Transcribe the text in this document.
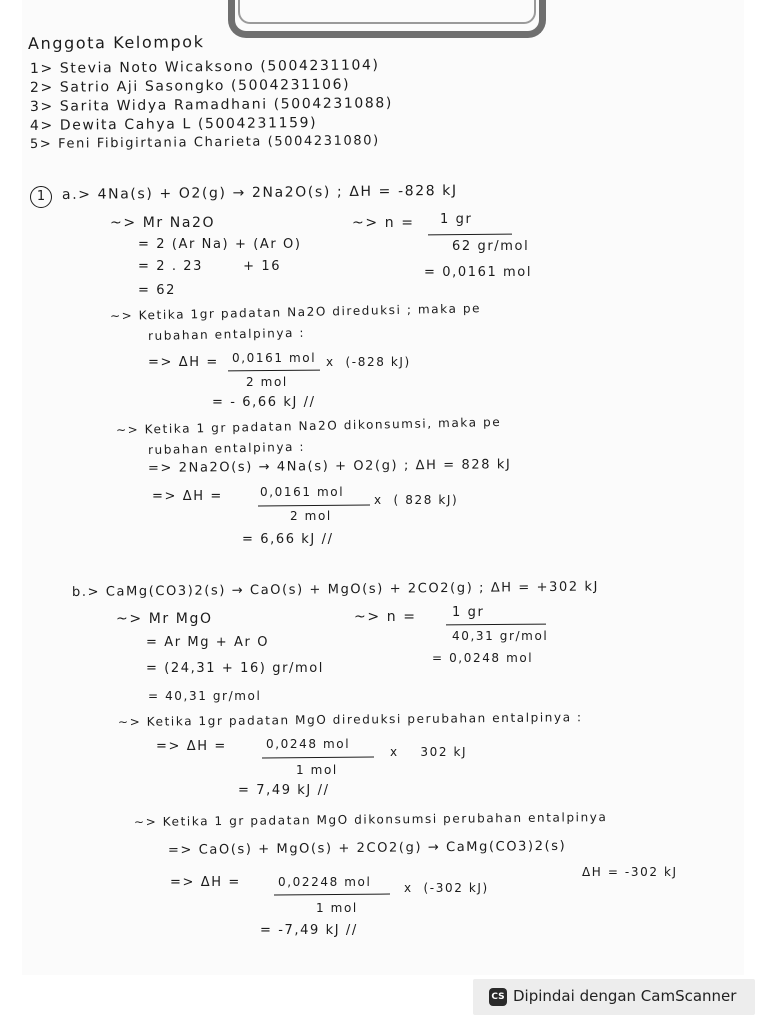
Anggota Kelompok
1> Stevia Noto Wicaksono (5004231104)
2> Satrio Aji Sasongko (5004231106)
3> Sarita Widya Ramadhani (5004231088)
4> Dewita Cahya L (5004231159)
5> Feni Fibigirtania Charieta (5004231080)
1	a.> 4Na(s) + O2(g) → 2Na2O(s) ; ΔH = -828 kJ
~> Mr Na2O
= 2 (Ar Na) + (Ar O)
= 2 . 23       + 16
= 62
~> n = 1 gr
62 gr/mol
= 0,0161 mol
~> Ketika 1gr padatan Na2O direduksi ; maka pe
rubahan entalpinya :
=> ΔH = 0,0161 mol
2 mol
x  (-828 kJ)
= - 6,66 kJ //
~> Ketika 1 gr padatan Na2O dikonsumsi, maka pe
rubahan entalpinya :
=> 2Na2O(s) → 4Na(s) + O2(g) ; ΔH = 828 kJ
=> ΔH =	0,0161 mol
2 mol
x  ( 828 kJ)
= 6,66 kJ //
b.> CaMg(CO3)2(s) → CaO(s) + MgO(s) + 2CO2(g) ; ΔH = +302 kJ
~> Mr MgO
= Ar Mg + Ar O
= (24,31 + 16) gr/mol
= 40,31 gr/mol
~> n =	1 gr
40,31 gr/mol
= 0,0248 mol
~> Ketika 1gr padatan MgO direduksi perubahan entalpinya :
=> ΔH =	0,0248 mol
1 mol
x    302 kJ
= 7,49 kJ //
~> Ketika 1 gr padatan MgO dikonsumsi perubahan entalpinya
=> CaO(s) + MgO(s) + 2CO2(g) → CaMg(CO3)2(s)
ΔH = -302 kJ
=> ΔH =	0,02248 mol
1 mol
x  (-302 kJ)
= -7,49 kJ //
CS Dipindai dengan CamScanner
